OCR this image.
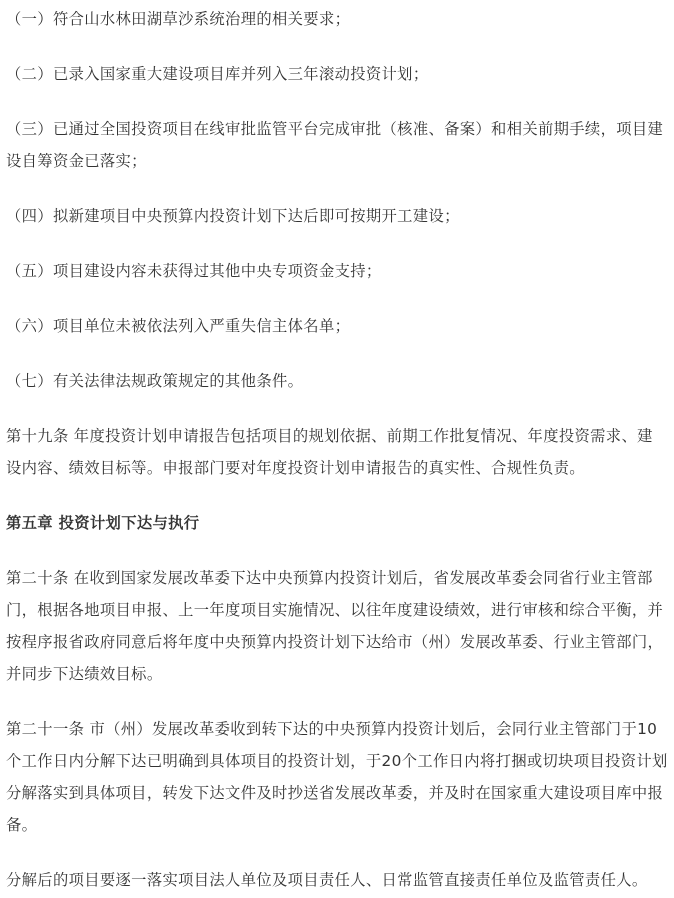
（一）符合山水林田湖草沙系统治理的相关要求；

（二）已录入国家重大建设项目库并列入三年滚动投资计划；

（三）已通过全国投资项目在线审批监管平台完成审批（核准、备案）和相关前期手续，项目建设自筹资金已落实；

（四）拟新建项目中央预算内投资计划下达后即可按期开工建设；

（五）项目建设内容未获得过其他中央专项资金支持；

（六）项目单位未被依法列入严重失信主体名单；

（七）有关法律法规政策规定的其他条件。

第十九条 年度投资计划申请报告包括项目的规划依据、前期工作批复情况、年度投资需求、建设内容、绩效目标等。申报部门要对年度投资计划申请报告的真实性、合规性负责。

第五章 投资计划下达与执行

第二十条 在收到国家发展改革委下达中央预算内投资计划后，省发展改革委会同省行业主管部门，根据各地项目申报、上一年度项目实施情况、以往年度建设绩效，进行审核和综合平衡，并按程序报省政府同意后将年度中央预算内投资计划下达给市（州）发展改革委、行业主管部门，并同步下达绩效目标。

第二十一条 市（州）发展改革委收到转下达的中央预算内投资计划后，会同行业主管部门于10个工作日内分解下达已明确到具体项目的投资计划，于20个工作日内将打捆或切块项目投资计划分解落实到具体项目，转发下达文件及时抄送省发展改革委，并及时在国家重大建设项目库中报备。

分解后的项目要逐一落实项目法人单位及项目责任人、日常监管直接责任单位及监管责任人。
